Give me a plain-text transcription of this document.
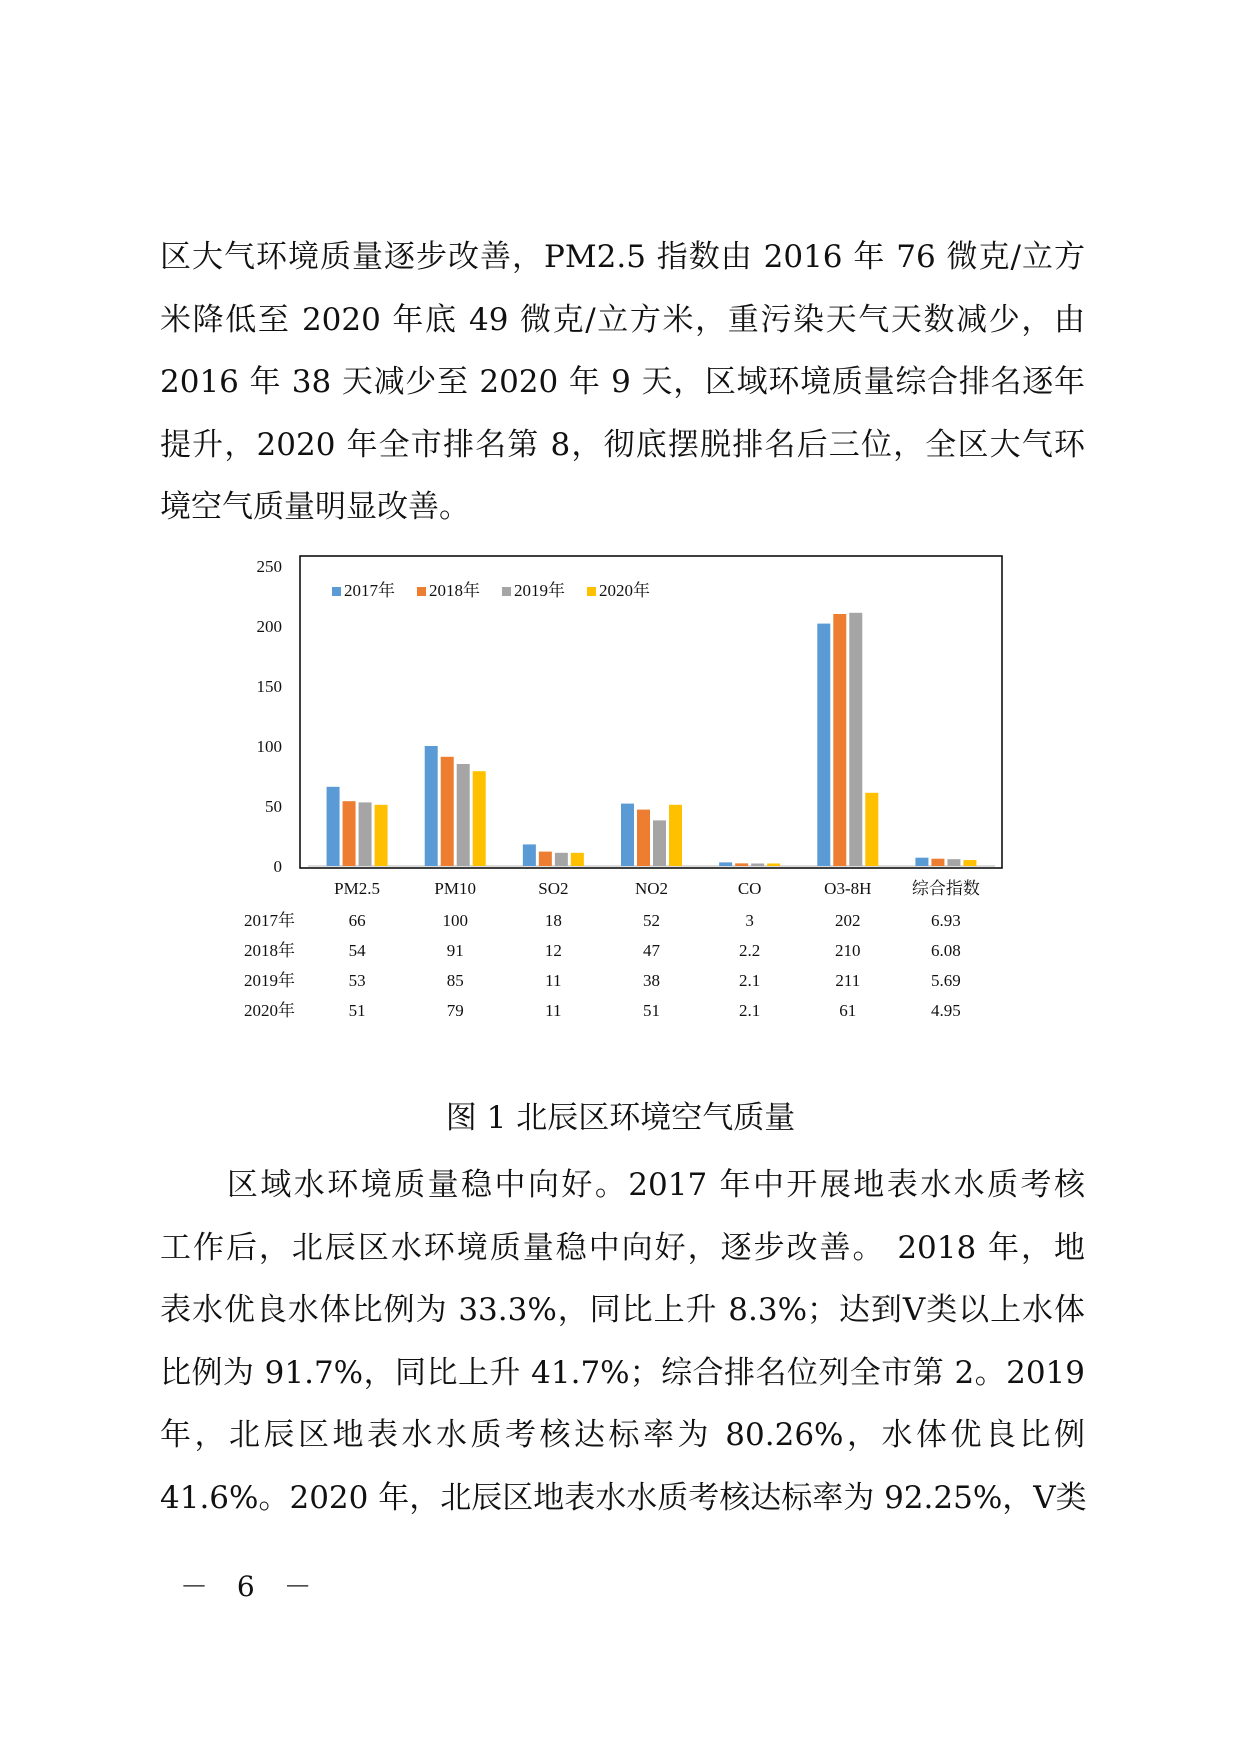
区大气环境质量逐步改善，PM2.5 指数由 2016 年 76 微克/立方
米降低至 2020 年底 49 微克/立方米，重污染天气天数减少，由
2016 年 38 天减少至 2020 年 9 天，区域环境质量综合排名逐年
提升，2020 年全市排名第 8，彻底摆脱排名后三位，全区大气环
境空气质量明显改善。
0
50
100
150
200
250
PM2.5
66
54
53
51
PM10
100
91
85
79
SO2
18
12
11
11
NO2
52
47
38
51
CO
3
2.2
2.1
2.1
O3-8H
202
210
211
61
综合指数
6.93
6.08
5.69
4.95
2017年
2018年
2019年
2020年
2017年 2018年 2019年 2020年
图 1 北辰区环境空气质量
　　区域水环境质量稳中向好。2017 年中开展地表水水质考核
工作后，北辰区水环境质量稳中向好，逐步改善。 2018 年，地
表水优良水体比例为 33.3%，同比上升 8.3%；达到Ⅴ类以上水体
比例为 91.7%，同比上升 41.7%；综合排名位列全市第 2。2019
年，北辰区地表水水质考核达标率为 80.26%，水体优良比例
41.6%。2020 年，北辰区地表水水质考核达标率为 92.25%，Ⅴ类
－ 6 －
